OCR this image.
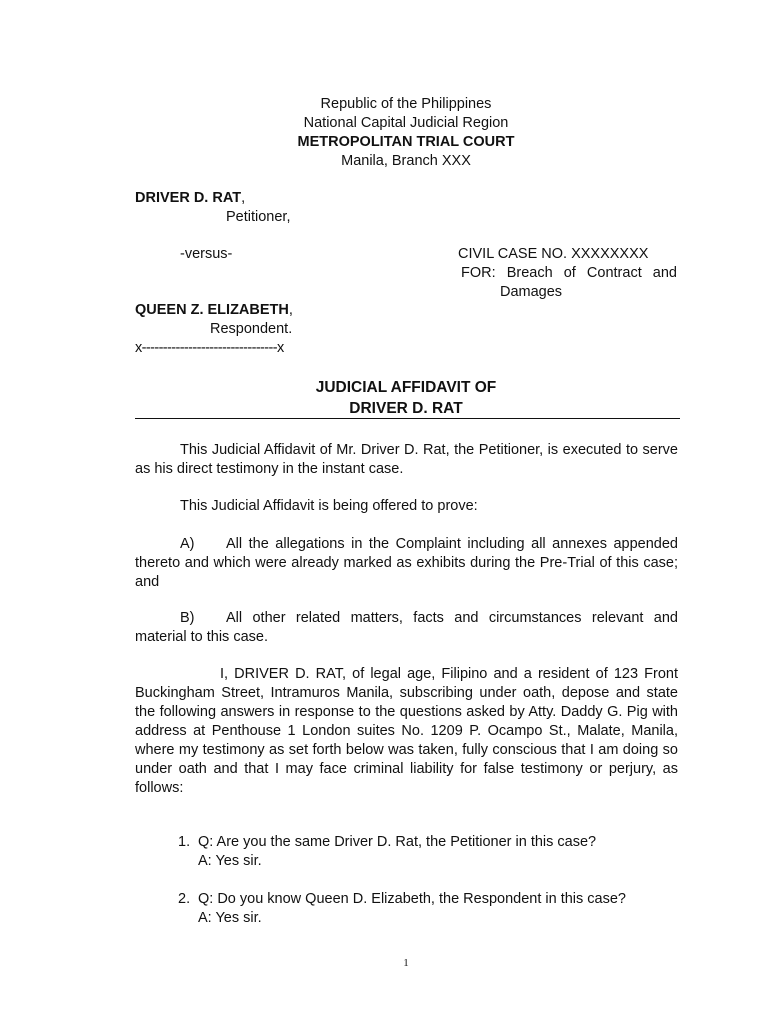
Republic of the Philippines
National Capital Judicial Region
METROPOLITAN TRIAL COURT
Manila, Branch XXX
DRIVER D. RAT,
Petitioner,
-versus-	CIVIL CASE NO. XXXXXXXX
FOR: Breach of Contract and
Damages
QUEEN Z. ELIZABETH,
Respondent.
x--------------------------------x
JUDICIAL AFFIDAVIT OF
DRIVER D. RAT
This Judicial Affidavit of Mr. Driver D. Rat, the Petitioner, is executed to serve as his direct testimony in the instant case.
This Judicial Affidavit is being offered to prove:
A) All the allegations in the Complaint including all annexes appended thereto and which were already marked as exhibits during the Pre-Trial of this case; and
B) All other related matters, facts and circumstances relevant and material to this case.
I, DRIVER D. RAT, of legal age, Filipino and a resident of 123 Front Buckingham Street, Intramuros Manila, subscribing under oath, depose and state the following answers in response to the questions asked by Atty. Daddy G. Pig with address at Penthouse 1 London suites No. 1209 P. Ocampo St., Malate, Manila, where my testimony as set forth below was taken, fully conscious that I am doing so under oath and that I may face criminal liability for false testimony or perjury, as follows:
1. Q: Are you the same Driver D. Rat, the Petitioner in this case?
A: Yes sir.
2. Q: Do you know Queen D. Elizabeth, the Respondent in this case?
A: Yes sir.
1
